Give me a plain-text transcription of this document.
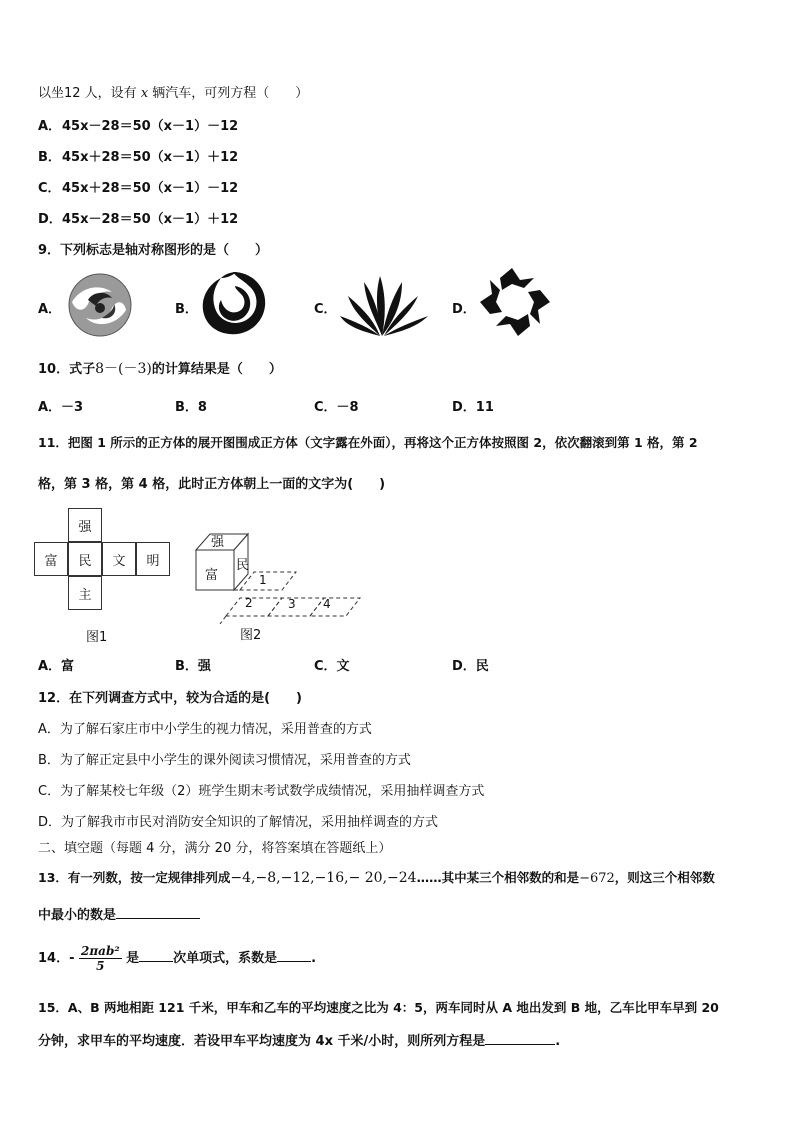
以坐12 人，设有 x 辆汽车，可列方程（　　）
A． 45x－28＝50（x－1）－12
B． 45x＋28＝50（x－1）＋12
C． 45x＋28＝50（x－1）－12
D． 45x－28＝50（x－1）＋12
9．下列标志是轴对称图形的是（　　）
A．	B．	C．	D．
10．式子8－(－3)的计算结果是（　　）
A．－3	B．8	C．－8	D．11
11．把图 1 所示的正方体的展开图围成正方体（文字露在外面），再将这个正方体按照图 2，依次翻滚到第 1 格，第 2
格，第 3 格，第 4 格，此时正方体朝上一面的文字为(　　)
强
富	民	文	明
主
图1
强
富
民
1
2	3 4
图2
A．富	B．强	C．文	D．民
12．在下列调查方式中，较为合适的是(　　)
A．为了解石家庄市中小学生的视力情况，采用普查的方式
B．为了解正定县中小学生的课外阅读习惯情况，采用普查的方式
C．为了解某校七年级（2）班学生期末考试数学成绩情况，采用抽样调查方式
D．为了解我市市民对消防安全知识的了解情况，采用抽样调查的方式
二、填空题（每题 4 分，满分 20 分，将答案填在答题纸上）
13．有一列数，按一定规律排列成−4,−8,−12,−16,− 20,−24……其中某三个相邻数的和是−672，则这三个相邻数
中最小的数是
14．- $\frac{\text{2πab²}}{5}$ 是	次单项式，系数是	.
15．A、B 两地相距 121 千米，甲车和乙车的平均速度之比为 4：5，两车同时从 A 地出发到 B 地，乙车比甲车早到 20
分钟，求甲车的平均速度．若设甲车平均速度为 4x 千米/小时，则所列方程是	.
